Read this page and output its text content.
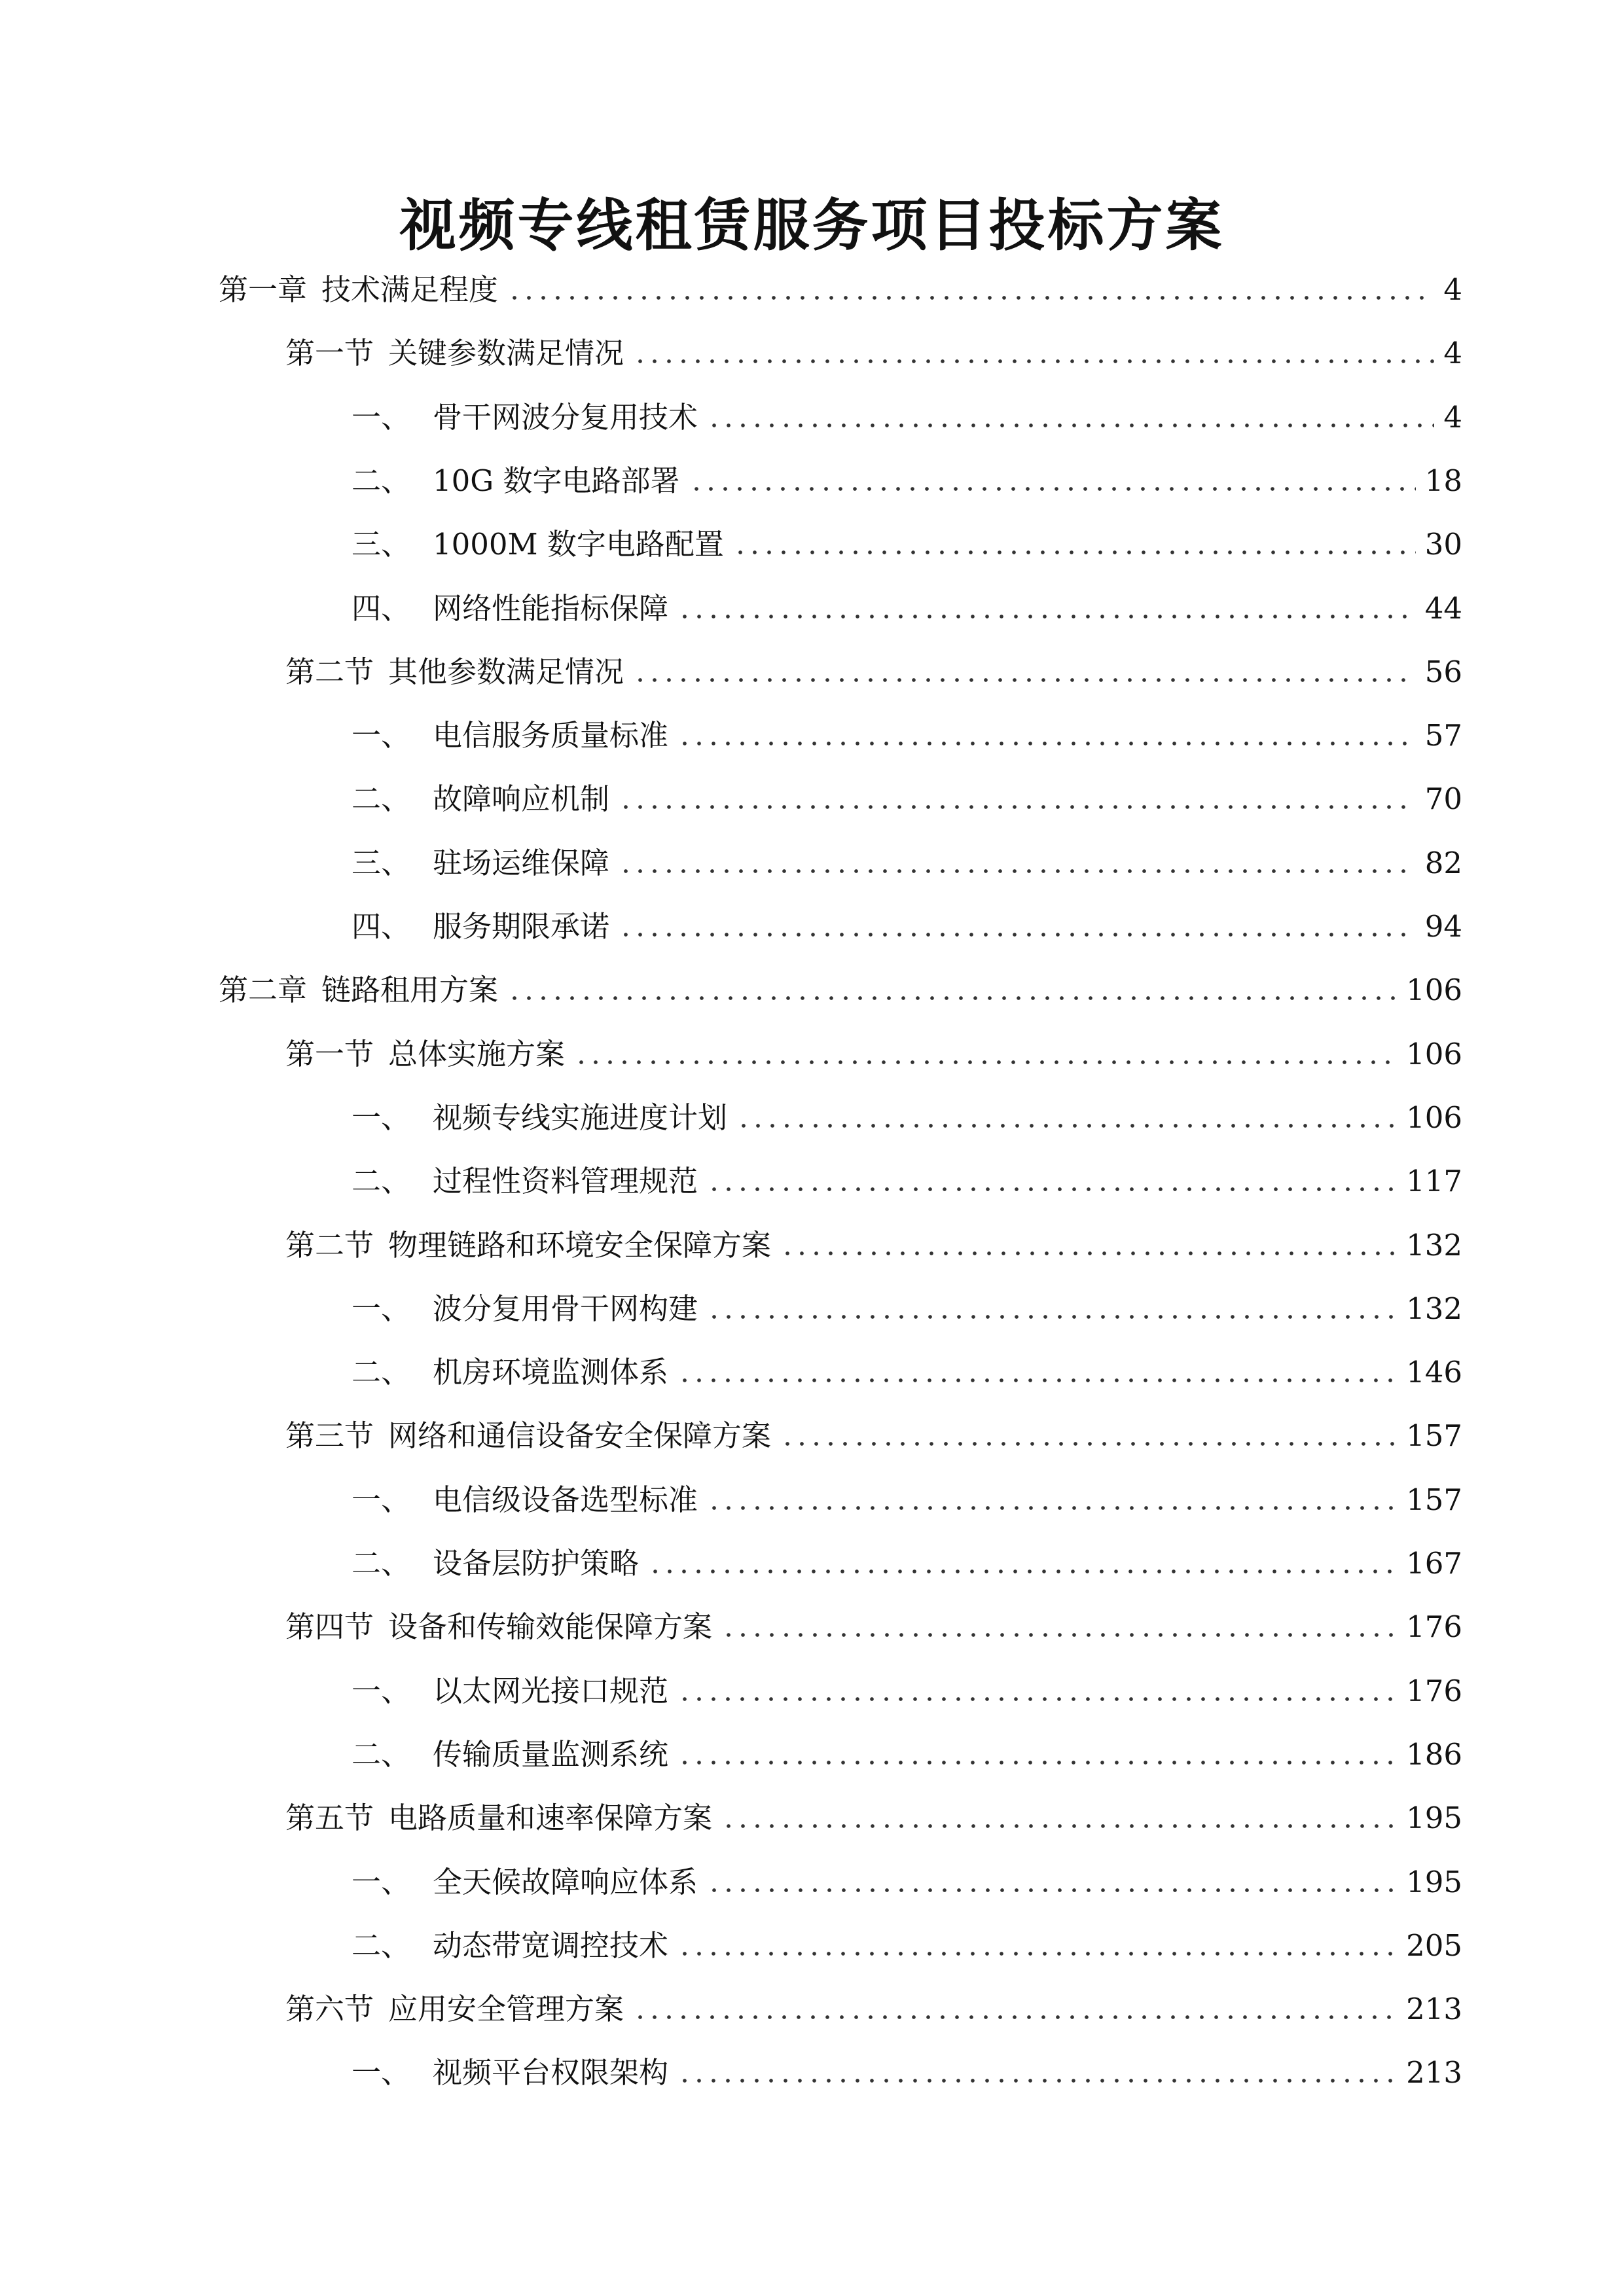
视频专线租赁服务项目投标方案
第一章 技术满足程度	4
第一节 关键参数满足情况	4
一、 骨干网波分复用技术	4
二、 10G 数字电路部署	18
三、 1000M 数字电路配置	30
四、 网络性能指标保障	44
第二节 其他参数满足情况	56
一、 电信服务质量标准	57
二、 故障响应机制	70
三、 驻场运维保障	82
四、 服务期限承诺	94
第二章 链路租用方案	106
第一节 总体实施方案	106
一、 视频专线实施进度计划	106
二、 过程性资料管理规范	117
第二节 物理链路和环境安全保障方案	132
一、 波分复用骨干网构建	132
二、 机房环境监测体系	146
第三节 网络和通信设备安全保障方案	157
一、 电信级设备选型标准	157
二、 设备层防护策略	167
第四节 设备和传输效能保障方案	176
一、 以太网光接口规范	176
二、 传输质量监测系统	186
第五节 电路质量和速率保障方案	195
一、 全天候故障响应体系	195
二、 动态带宽调控技术	205
第六节 应用安全管理方案	213
一、 视频平台权限架构	213
